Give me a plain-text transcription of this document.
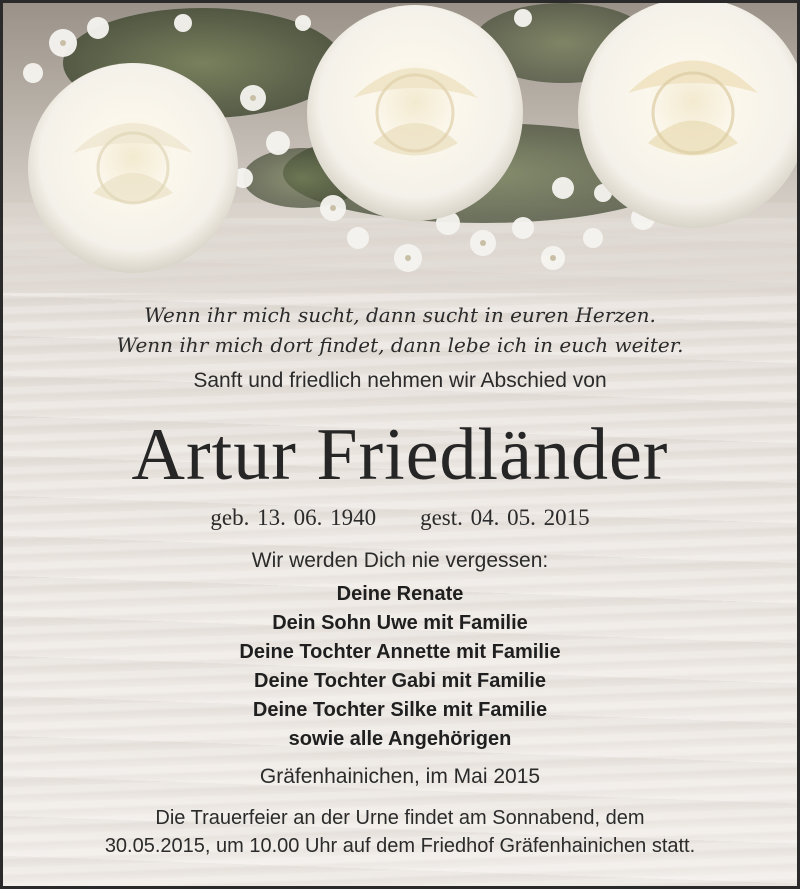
Wenn ihr mich sucht, dann sucht in euren Herzen.
Wenn ihr mich dort findet, dann lebe ich in euch weiter.
Sanft und friedlich nehmen wir Abschied von
Artur Friedländer
geb. 13. 06. 1940 gest. 04. 05. 2015
Wir werden Dich nie vergessen:
Deine Renate
Dein Sohn Uwe mit Familie
Deine Tochter Annette mit Familie
Deine Tochter Gabi mit Familie
Deine Tochter Silke mit Familie
sowie alle Angehörigen
Gräfenhainichen, im Mai 2015
Die Trauerfeier an der Urne findet am Sonnabend, dem
30.05.2015, um 10.00 Uhr auf dem Friedhof Gräfenhainichen statt.
